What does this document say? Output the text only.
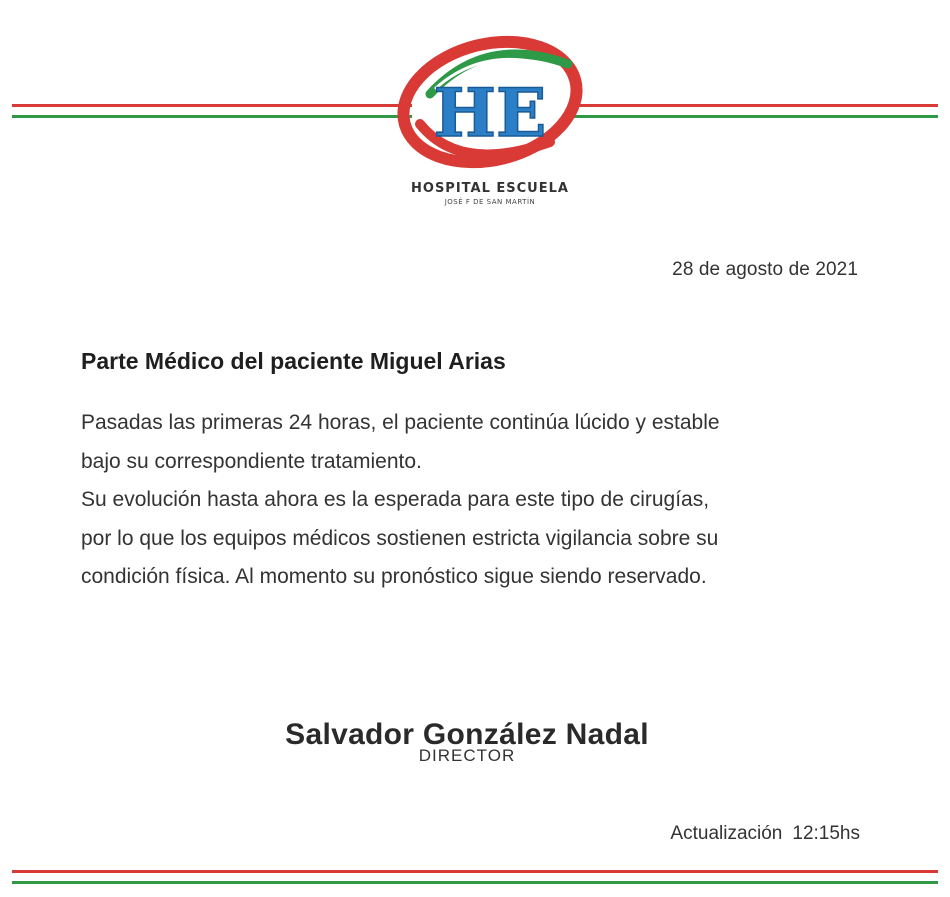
HE
HOSPITAL ESCUELA
JOSÉ F DE SAN MARTÍN
28 de agosto de 2021
Parte Médico del paciente Miguel Arias

Pasadas las primeras 24 horas, el paciente continúa lúcido y estable
bajo su correspondiente tratamiento.

Su evolución hasta ahora es la esperada para este tipo de cirugías,
por lo que los equipos médicos sostienen estricta vigilancia sobre su
condición física. Al momento su pronóstico sigue siendo reservado.

Salvador González Nadal
DIRECTOR
Actualización 12:15hs
